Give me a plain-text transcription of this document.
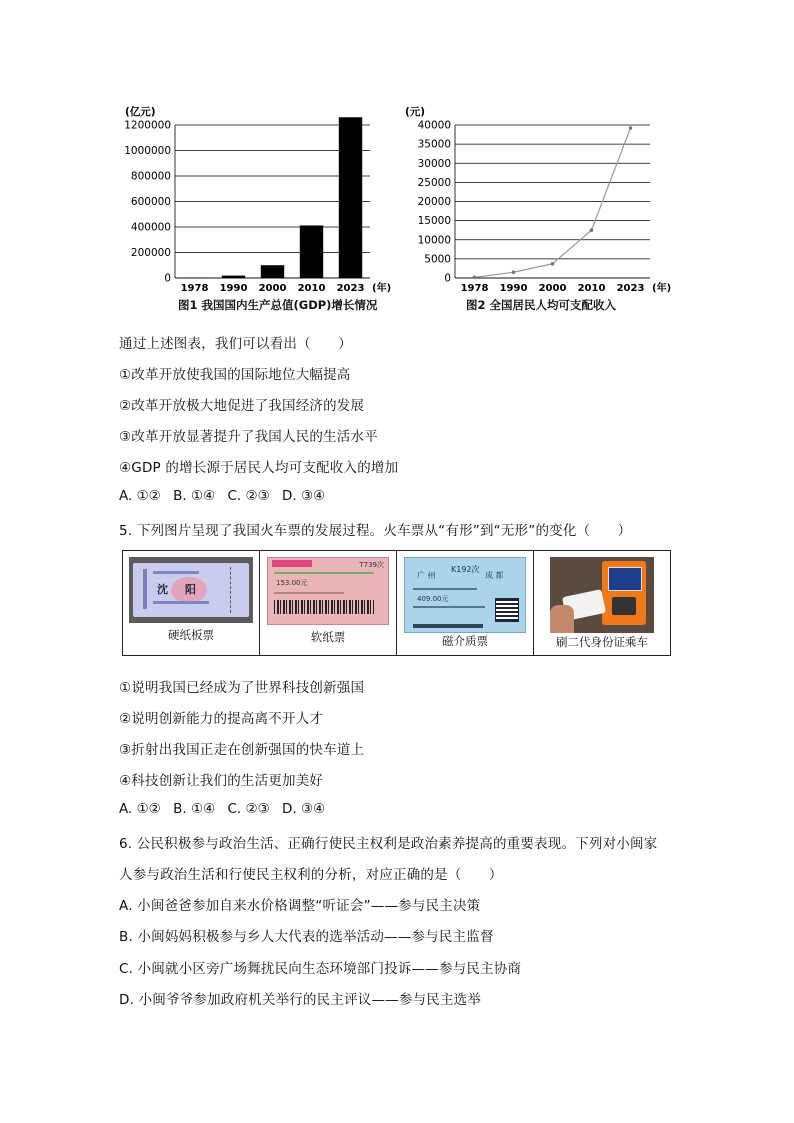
(亿元)
0
200000
400000
600000
800000
1000000
1200000
1978 1990 2000 2010 2023 (年)
图1 我国国内生产总值(GDP)增长情况
(元)
0
5000
10000
15000
20000
25000
30000
35000
40000
1978 1990 2000 2010 2023 (年)
图2 全国居民人均可支配收入
通过上述图表，我们可以看出（　　）
①改革开放使我国的国际地位大幅提高
②改革开放极大地促进了我国经济的发展
③改革开放显著提升了我国人民的生活水平
④GDP 的增长源于居民人均可支配收入的增加
A. ①② B. ①④ C. ②③ D. ③④
5. 下列图片呈现了我国火车票的发展过程。火车票从“有形”到“无形”的变化（　　）
沈 阳
硬纸板票

T739次
153.00元
软纸票

广 州
K192次
成 都
409.00元
磁介质票	刷二代身份证乘车
①说明我国已经成为了世界科技创新强国
②说明创新能力的提高离不开人才
③折射出我国正走在创新强国的快车道上
④科技创新让我们的生活更加美好
A. ①② B. ①④ C. ②③ D. ③④
6. 公民积极参与政治生活、正确行使民主权利是政治素养提高的重要表现。下列对小闽家
人参与政治生活和行使民主权利的分析，对应正确的是（　　）
A. 小闽爸爸参加自来水价格调整“听证会”——参与民主决策
B. 小闽妈妈积极参与乡人大代表的选举活动——参与民主监督
C. 小闽就小区旁广场舞扰民向生态环境部门投诉——参与民主协商
D. 小闽爷爷参加政府机关举行的民主评议——参与民主选举
